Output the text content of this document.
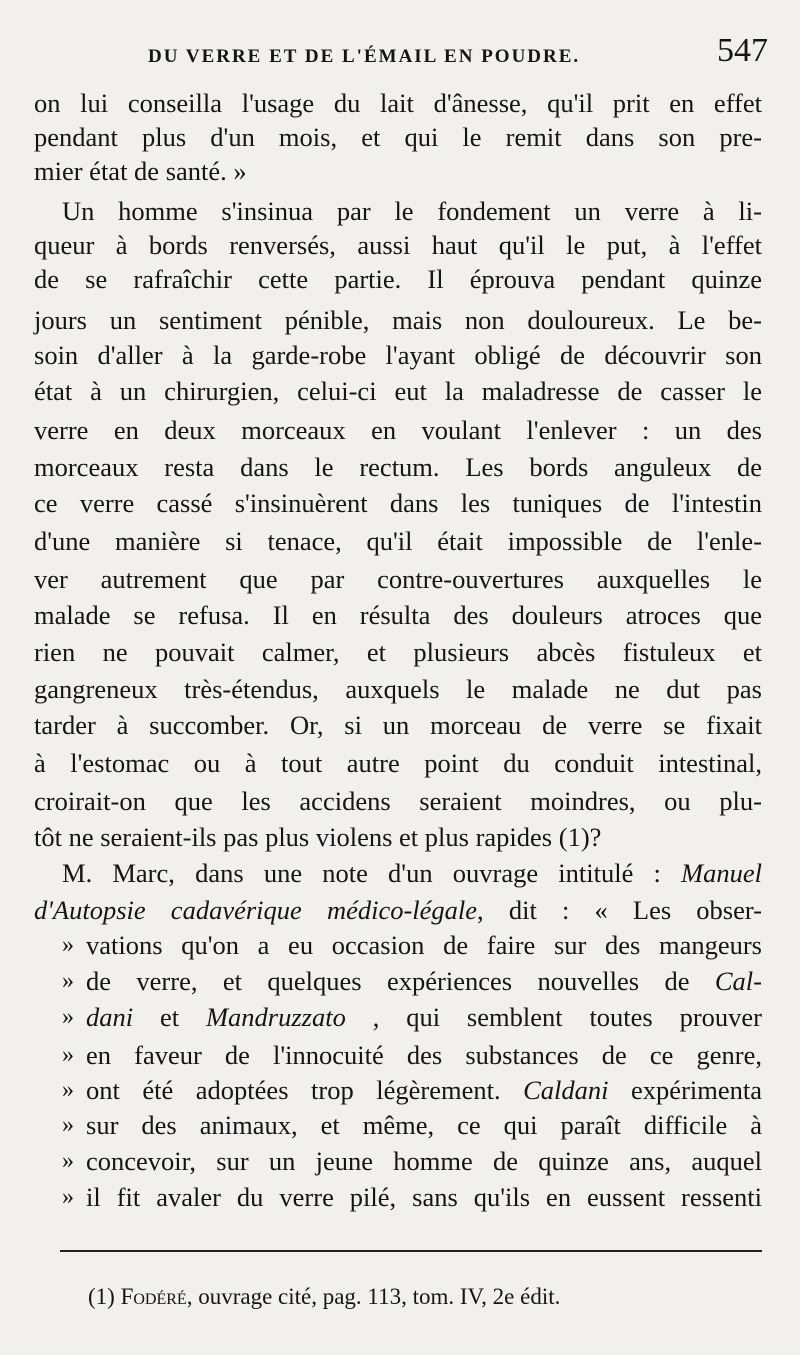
DU VERRE ET DE L'ÉMAIL EN POUDRE.	547
on lui conseilla l'usage du lait d'ânesse, qu'il prit en effet
pendant plus d'un mois, et qui le remit dans son pre-
mier état de santé. »
Un homme s'insinua par le fondement un verre à li-
queur à bords renversés, aussi haut qu'il le put, à l'effet
de se rafraîchir cette partie. Il éprouva pendant quinze
jours un sentiment pénible, mais non douloureux. Le be-
soin d'aller à la garde-robe l'ayant obligé de découvrir son
état à un chirurgien, celui-ci eut la maladresse de casser le
verre en deux morceaux en voulant l'enlever : un des
morceaux resta dans le rectum. Les bords anguleux de
ce verre cassé s'insinuèrent dans les tuniques de l'intestin
d'une manière si tenace, qu'il était impossible de l'enle-
ver autrement que par contre-ouvertures auxquelles le
malade se refusa. Il en résulta des douleurs atroces que
rien ne pouvait calmer, et plusieurs abcès fistuleux et
gangreneux très-étendus, auxquels le malade ne dut pas
tarder à succomber. Or, si un morceau de verre se fixait
à l'estomac ou à tout autre point du conduit intestinal,
croirait-on que les accidens seraient moindres, ou plu-
tôt ne seraient-ils pas plus violens et plus rapides (1)?
M. Marc, dans une note d'un ouvrage intitulé : Manuel
d'Autopsie cadavérique médico-légale, dit : « Les obser-
» vations qu'on a eu occasion de faire sur des mangeurs
» de verre, et quelques expériences nouvelles de Cal-
» dani et Mandruzzato , qui semblent toutes prouver
» en faveur de l'innocuité des substances de ce genre,
» ont été adoptées trop légèrement. Caldani expérimenta
» sur des animaux, et même, ce qui paraît difficile à
» concevoir, sur un jeune homme de quinze ans, auquel
» il fit avaler du verre pilé, sans qu'ils en eussent ressenti
(1) Fodéré, ouvrage cité, pag. 113, tom. IV, 2e édit.
